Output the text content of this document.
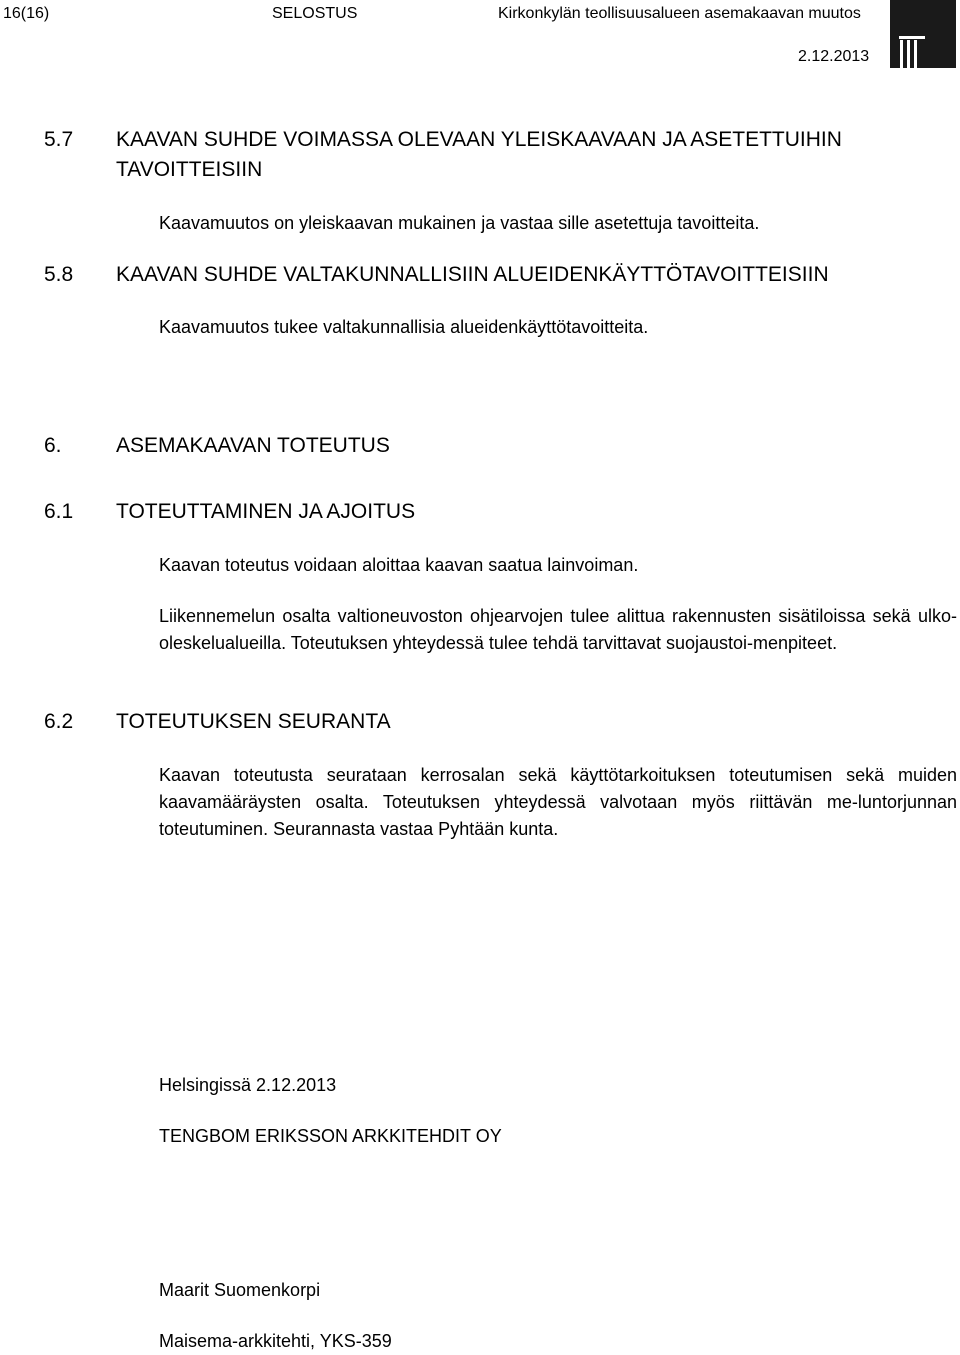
16(16)	SELOSTUS	Kirkonkylän teollisuusalueen asemakaavan muutos
2.12.2013
5.7 KAAVAN SUHDE VOIMASSA OLEVAAN YLEISKAAVAAN JA ASETETTUIHIN TAVOITTEISIIN
Kaavamuutos on yleiskaavan mukainen ja vastaa sille asetettuja tavoitteita.
5.8 KAAVAN SUHDE VALTAKUNNALLISIIN ALUEIDENKÄYTTÖTAVOITTEISIIN
Kaavamuutos tukee valtakunnallisia alueidenkäyttötavoitteita.
6.	ASEMAKAAVAN TOTEUTUS
6.1 TOTEUTTAMINEN JA AJOITUS
Kaavan toteutus voidaan aloittaa kaavan saatua lainvoiman.
Liikennemelun osalta valtioneuvoston ohjearvojen tulee alittua rakennusten sisätiloissa sekä ulko-oleskelualueilla. Toteutuksen yhteydessä tulee tehdä tarvittavat suojaustoi-menpiteet.
6.2 TOTEUTUKSEN SEURANTA
Kaavan toteutusta seurataan kerrosalan sekä käyttötarkoituksen toteutumisen sekä muiden kaavamääräysten osalta. Toteutuksen yhteydessä valvotaan myös riittävän me-luntorjunnan toteutuminen. Seurannasta vastaa Pyhtään kunta.
Helsingissä 2.12.2013
TENGBOM ERIKSSON ARKKITEHDIT OY
Maarit Suomenkorpi
Maisema-arkkitehti, YKS-359
